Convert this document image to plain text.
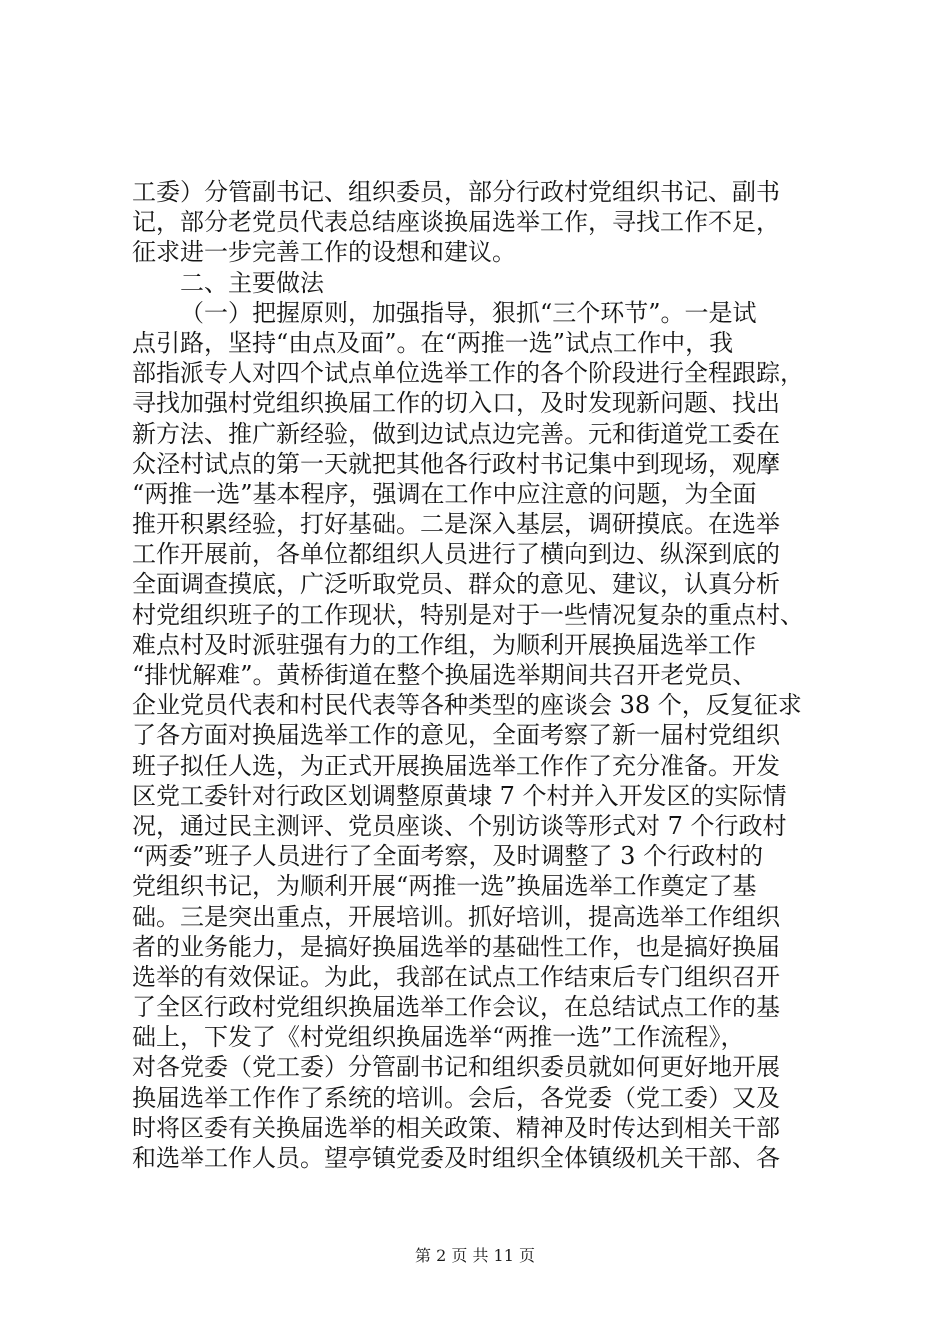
工委）分管副书记、组织委员，部分行政村党组织书记、副书
记，部分老党员代表总结座谈换届选举工作，寻找工作不足，
征求进一步完善工作的设想和建议。
二、主要做法
（一）把握原则，加强指导，狠抓“三个环节”。一是试
点引路，坚持“由点及面”。在“两推一选”试点工作中，我
部指派专人对四个试点单位选举工作的各个阶段进行全程跟踪，
寻找加强村党组织换届工作的切入口，及时发现新问题、找出
新方法、推广新经验，做到边试点边完善。元和街道党工委在
众泾村试点的第一天就把其他各行政村书记集中到现场，观摩
“两推一选”基本程序，强调在工作中应注意的问题，为全面
推开积累经验，打好基础。二是深入基层，调研摸底。在选举
工作开展前，各单位都组织人员进行了横向到边、纵深到底的
全面调查摸底，广泛听取党员、群众的意见、建议，认真分析
村党组织班子的工作现状，特别是对于一些情况复杂的重点村、
难点村及时派驻强有力的工作组，为顺利开展换届选举工作
“排忧解难”。黄桥街道在整个换届选举期间共召开老党员、
企业党员代表和村民代表等各种类型的座谈会 38 个，反复征求
了各方面对换届选举工作的意见，全面考察了新一届村党组织
班子拟任人选，为正式开展换届选举工作作了充分准备。开发
区党工委针对行政区划调整原黄埭 7 个村并入开发区的实际情
况，通过民主测评、党员座谈、个别访谈等形式对 7 个行政村
“两委”班子人员进行了全面考察，及时调整了 3 个行政村的
党组织书记，为顺利开展“两推一选”换届选举工作奠定了基
础。三是突出重点，开展培训。抓好培训，提高选举工作组织
者的业务能力，是搞好换届选举的基础性工作，也是搞好换届
选举的有效保证。为此，我部在试点工作结束后专门组织召开
了全区行政村党组织换届选举工作会议，在总结试点工作的基
础上，下发了《村党组织换届选举“两推一选”工作流程》，
对各党委（党工委）分管副书记和组织委员就如何更好地开展
换届选举工作作了系统的培训。会后，各党委（党工委）又及
时将区委有关换届选举的相关政策、精神及时传达到相关干部
和选举工作人员。望亭镇党委及时组织全体镇级机关干部、各
第 2 页 共 11 页
